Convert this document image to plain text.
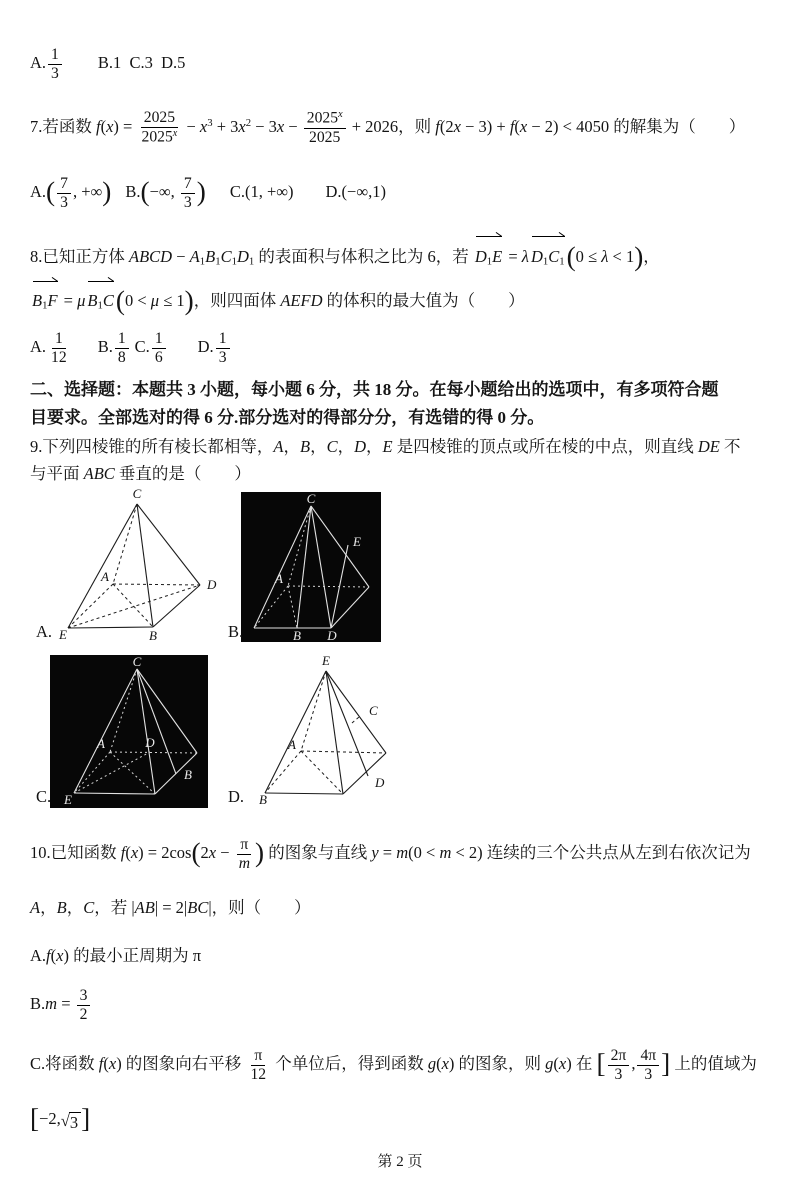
A. $\frac{1}{3} B.1$  C.3  D.5
7.若函数 $f(x) = \frac{2025}{2025^x} - x^3 + 3x^2 - 3x - \frac{2025^x}{2025} + 2026$，则 f(2x − 3) + f(x − 2) < 4050 的解集为（　　）
$A.( \frac{7}{3}$ , +∞) B.(−∞, $\frac{7}{3}$ ) C.(1, +∞) D.(−∞,1)
8.已知正方体 ABCD − $A_1B_1C_1D_1$ 的表面积与体积之比为 6，若 $D_1E = \lambda$ $D_1C_1(0 \le \lambda < 1)$，
$B_1F = \mu$ $B_1C(0 < \mu \le 1)$，则四面体 AEFD 的体积的最大值为（　　）
A. $\frac{1}{12} B$. $\frac{1}{8} C$. $\frac{1}{6} D$. $\frac{1}{3}$
二、选择题：本题共 3 小题，每小题 6 分，共 18 分。在每小题给出的选项中，有多项符合题
目要求。全部选对的得 6 分.部分选对的得部分分，有选错的得 0 分。
9.下列四棱锥的所有棱长都相等，A，B，C，D，E 是四棱锥的顶点或所在棱的中点，则直线 DE 不
与平面 ABC 垂直的是（　　）
C
A
D
E	B
A.
C
E
A
B D
B.
C
A	D
B
E
C.
E
C
A
B
D
D.
10.已知函数 $f(x) = 2\cos(2x - \frac{\pi}{m}$ ) 的图象与直线 y = m(0 < m < 2) 连续的三个公共点从左到右依次记为
A，B，C，若 |AB| = 2|BC|，则（　　）
A.f(x) 的最小正周期为 π
$B.m = \frac{3}{2}$
C.将函数 f(x) 的图象向右平移 $\frac{\pi}{12}$ 个单位后，得到函数 g(x) 的图象，则 g(x) 在 [ $\frac{2\pi}{3}$ , $\frac{4\pi}{3}$ ] 上的值域为
[−2, √ 3 ]
第 2 页
